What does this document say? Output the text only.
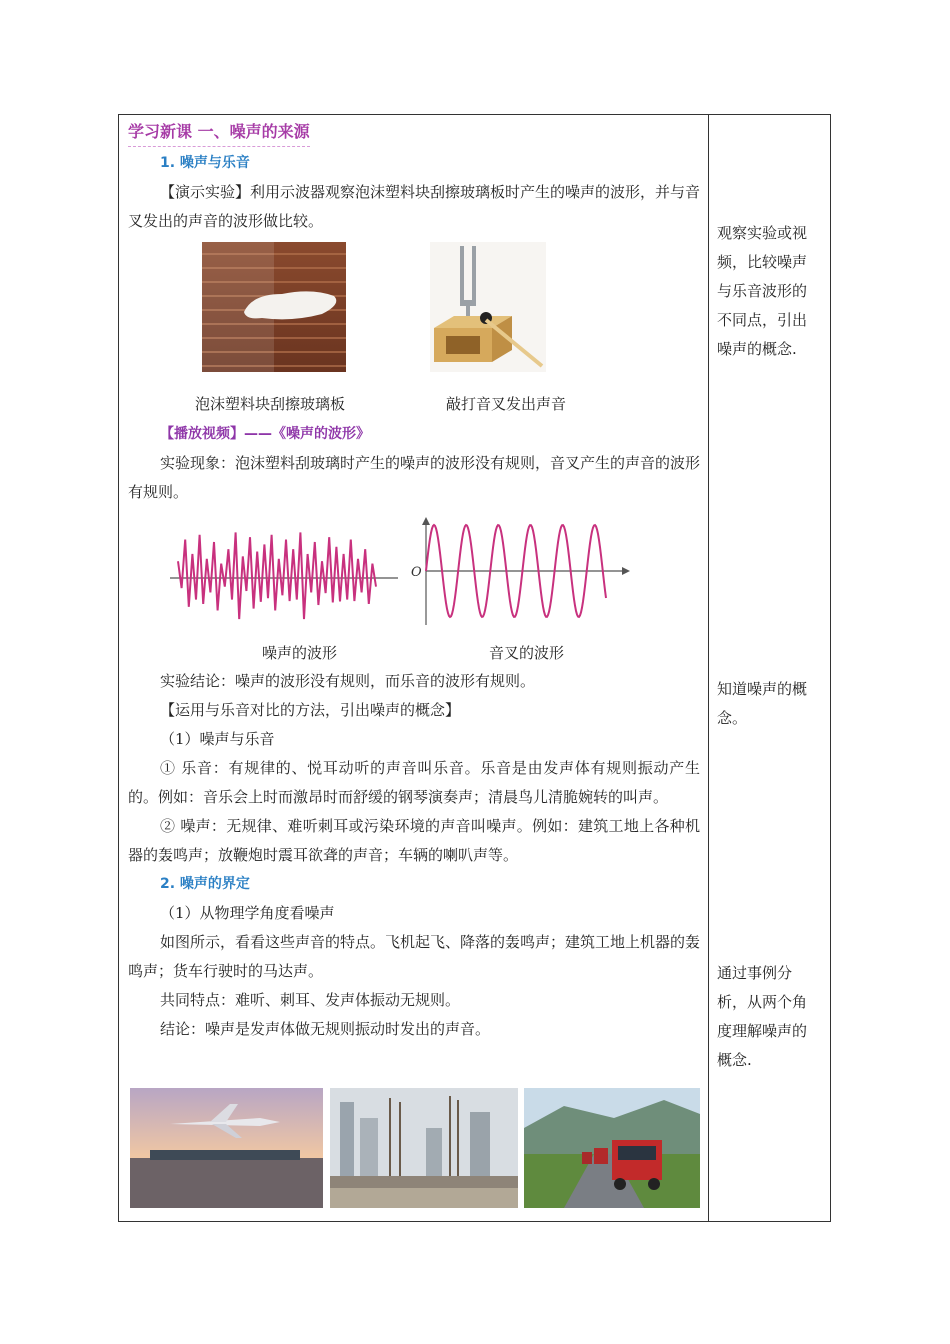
学习新课 一、噪声的来源
1. 噪声与乐音

【演示实验】利用示波器观察泡沫塑料块刮擦玻璃板时产生的噪声的波形，并与音叉发出的声音的波形做比较。

泡沫塑料块刮擦玻璃板	敲打音叉发出声音
【播放视频】——《噪声的波形》

实验现象：泡沫塑料刮玻璃时产生的噪声的波形没有规则，音叉产生的声音的波形有规则。

O
噪声的波形	音叉的波形

实验结论：噪声的波形没有规则，而乐音的波形有规则。

【运用与乐音对比的方法，引出噪声的概念】

（1）噪声与乐音

① 乐音：有规律的、悦耳动听的声音叫乐音。乐音是由发声体有规则振动产生的。例如：音乐会上时而激昂时而舒缓的钢琴演奏声；清晨鸟儿清脆婉转的叫声。

② 噪声：无规律、难听刺耳或污染环境的声音叫噪声。例如：建筑工地上各种机器的轰鸣声；放鞭炮时震耳欲聋的声音；车辆的喇叭声等。

2. 噪声的界定

（1）从物理学角度看噪声

如图所示，看看这些声音的特点。飞机起飞、降落的轰鸣声；建筑工地上机器的轰鸣声；货车行驶时的马达声。

共同特点：难听、刺耳、发声体振动无规则。

结论：噪声是发声体做无规则振动时发出的声音。

观察实验或视频，比较噪声与乐音波形的不同点，引出噪声的概念.
知道噪声的概念。
通过事例分析，从两个角度理解噪声的概念.
